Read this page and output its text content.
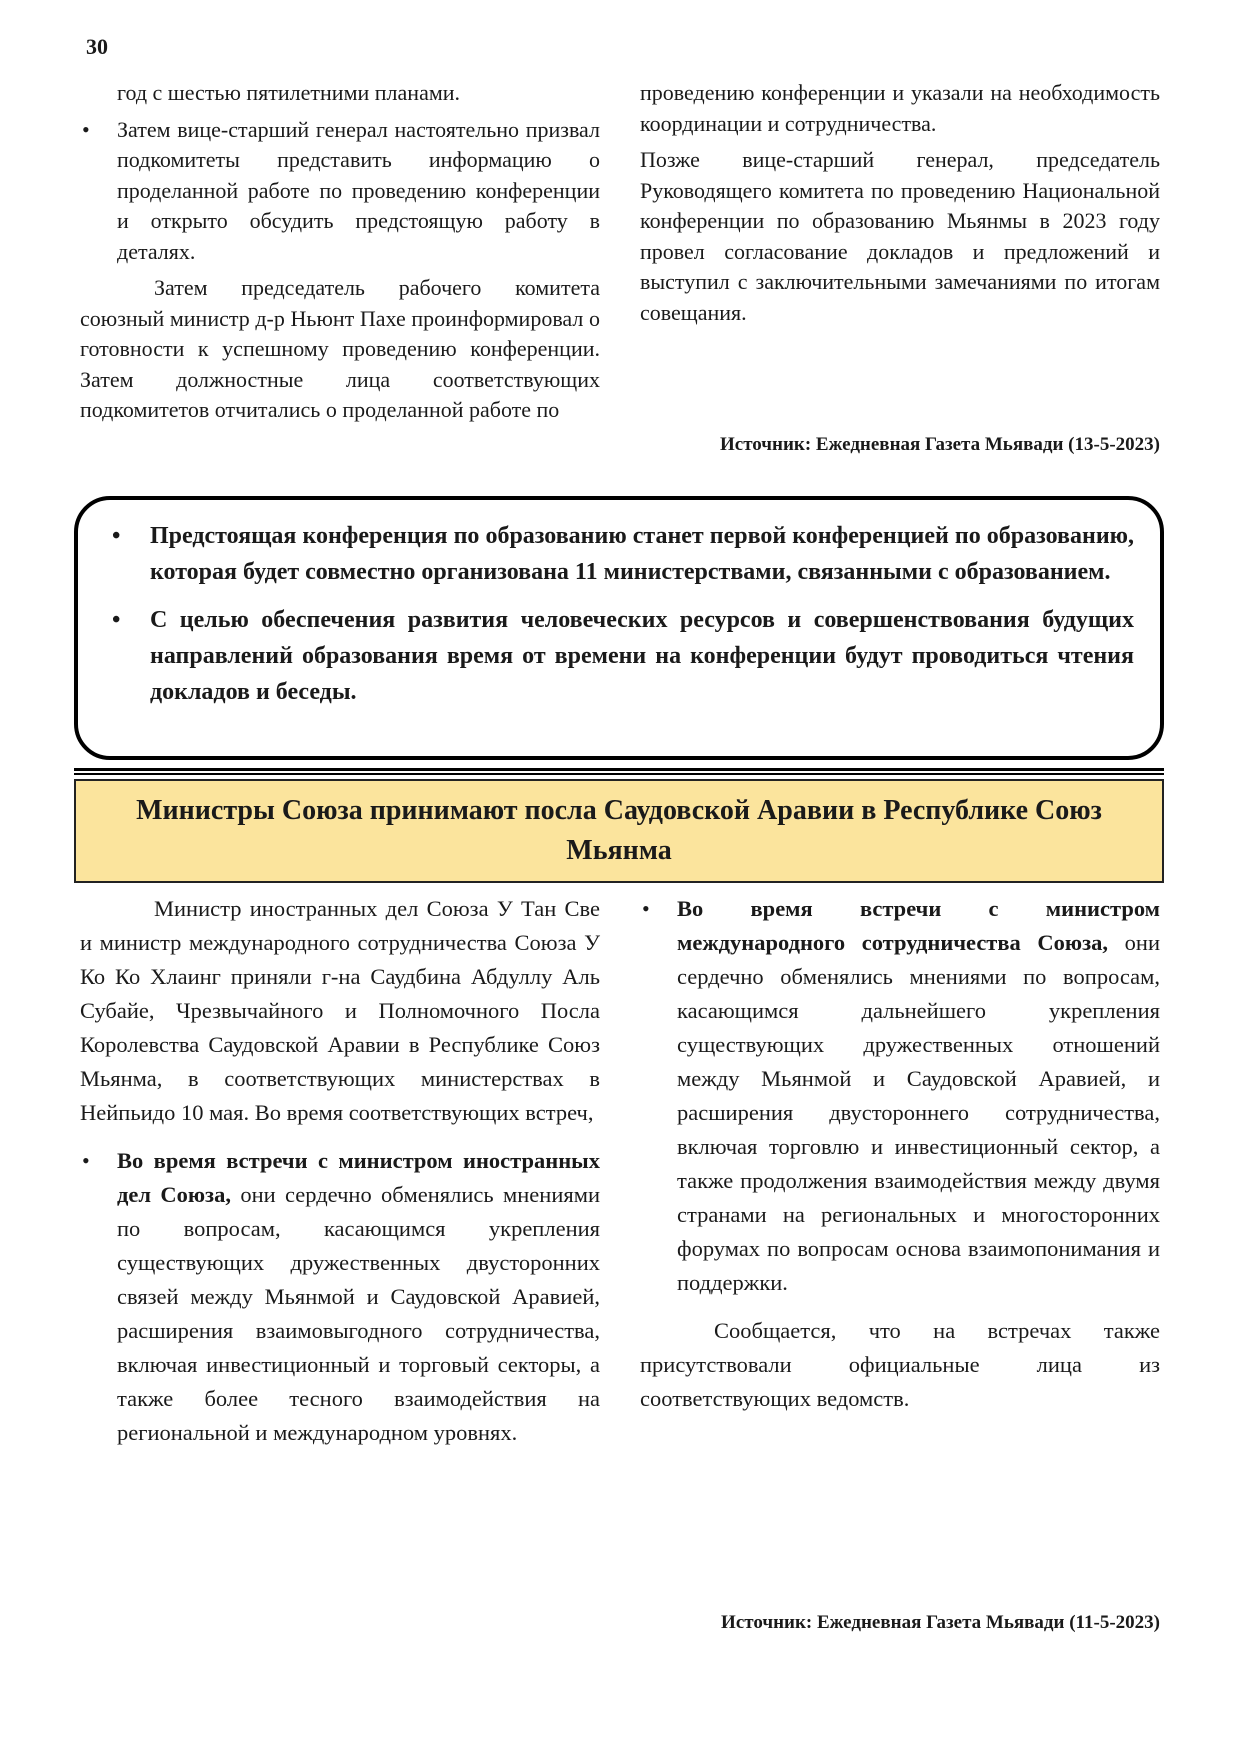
30

год с шестью пятилетними планами.

• Затем вице-старший генерал настоятельно призвал подкомитеты представить информацию о проделанной работе по проведению конференции и открыто обсудить предстоящую работу в деталях.

Затем председатель рабочего комитета союзный министр д-р Ньюнт Пахе проинформировал о готовности к успешному проведению конференции. Затем должностные лица соответствующих подкомитетов отчитались о проделанной работе по

проведению конференции и указали на необходимость координации и сотрудничества.

Позже вице-старший генерал, председатель Руководящего комитета по проведению Национальной конференции по образованию Мьянмы в 2023 году провел согласование докладов и предложений и выступил с заключительными замечаниями по итогам совещания.

Источник: Ежедневная Газета Мьявади (13-5-2023)
• Предстоящая конференция по образованию станет первой конференцией по образованию, которая будет совместно организована 11 министерствами, связанными с образованием.
• С целью обеспечения развития человеческих ресурсов и совершенствования будущих направлений образования время от времени на конференции будут проводиться чтения докладов и беседы.
Министры Союза принимают посла Саудовской Аравии в Республике Союз Мьянма

Министр иностранных дел Союза У Тан Све и министр международного сотрудничества Союза У Ко Ко Хлаинг приняли г-на Саудбина Абдуллу Аль Субайе, Чрезвычайного и Полномочного Посла Королевства Саудовской Аравии в Республике Союз Мьянма, в соответствующих министерствах в Нейпьидо 10 мая. Во время соответствующих встреч,

• Во время встречи с министром иностранных дел Союза, они сердечно обменялись мнениями по вопросам, касающимся укрепления существующих дружественных двусторонних связей между Мьянмой и Саудовской Аравией, расширения взаимовыгодного сотрудничества, включая инвестиционный и торговый секторы, а также более тесного взаимодействия на региональной и международном уровнях.
• Во время встречи с министром международного сотрудничества Союза, они сердечно обменялись мнениями по вопросам, касающимся дальнейшего укрепления существующих дружественных отношений между Мьянмой и Саудовской Аравией, и расширения двустороннего сотрудничества, включая торговлю и инвестиционный сектор, а также продолжения взаимодействия между двумя странами на региональных и многосторонних форумах по вопросам основа взаимопонимания и поддержки.

Сообщается, что на встречах также присутствовали официальные лица из соответствующих ведомств.

Источник: Ежедневная Газета Мьявади (11-5-2023)
